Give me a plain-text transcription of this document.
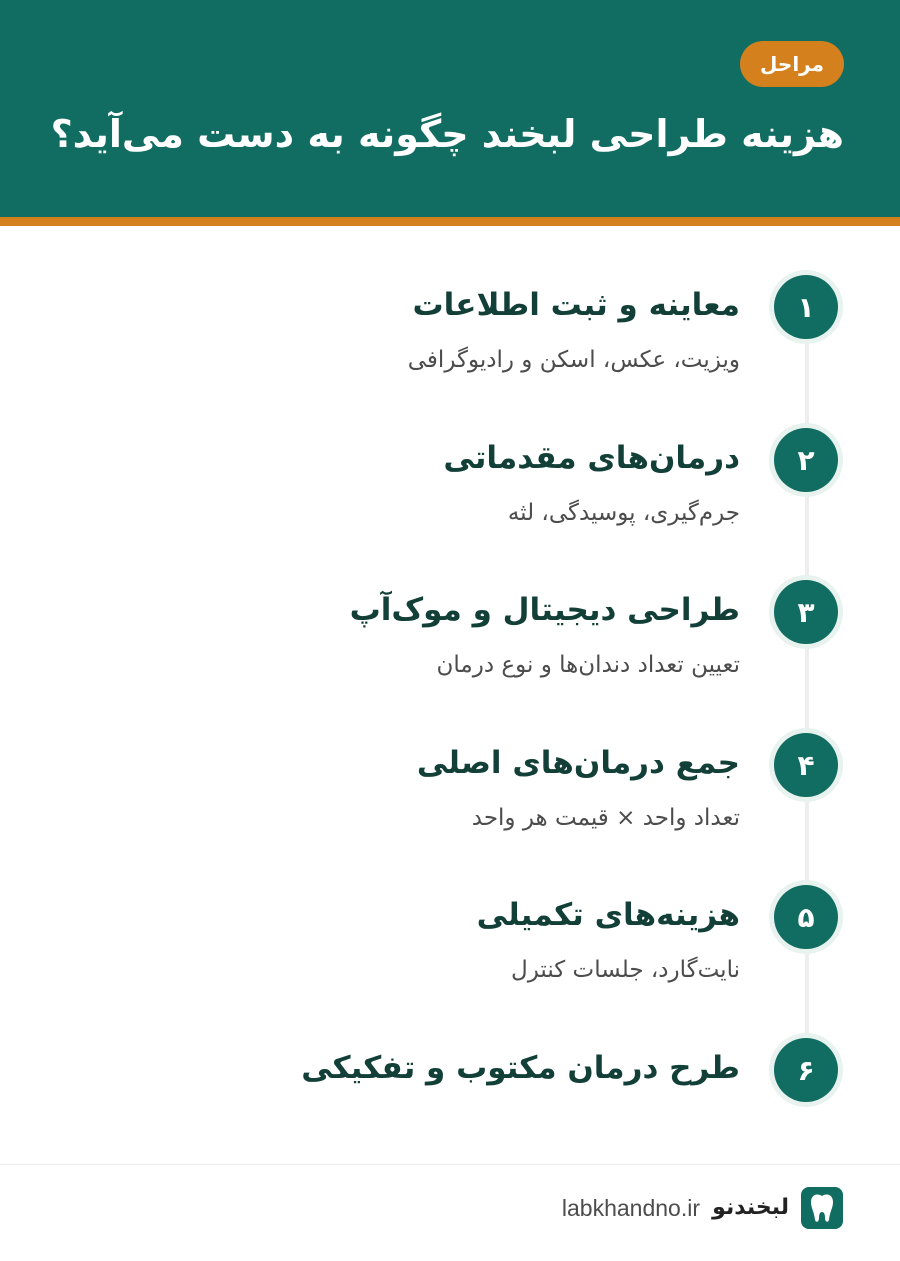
مراحل
هزینه طراحی لبخند چگونه به دست می‌آید؟
۱
معاینه و ثبت اطلاعات

ویزیت، عکس، اسکن و رادیوگرافی

۲
درمان‌های مقدماتی

جرم‌گیری، پوسیدگی، لثه

۳
طراحی دیجیتال و موک‌آپ

تعیین تعداد دندان‌ها و نوع درمان

۴
جمع درمان‌های اصلی

تعداد واحد × قیمت هر واحد

۵
هزینه‌های تکمیلی

نایت‌گارد، جلسات کنترل

۶
طرح درمان مکتوب و تفکیکی
لبخندنو
labkhandno.ir
